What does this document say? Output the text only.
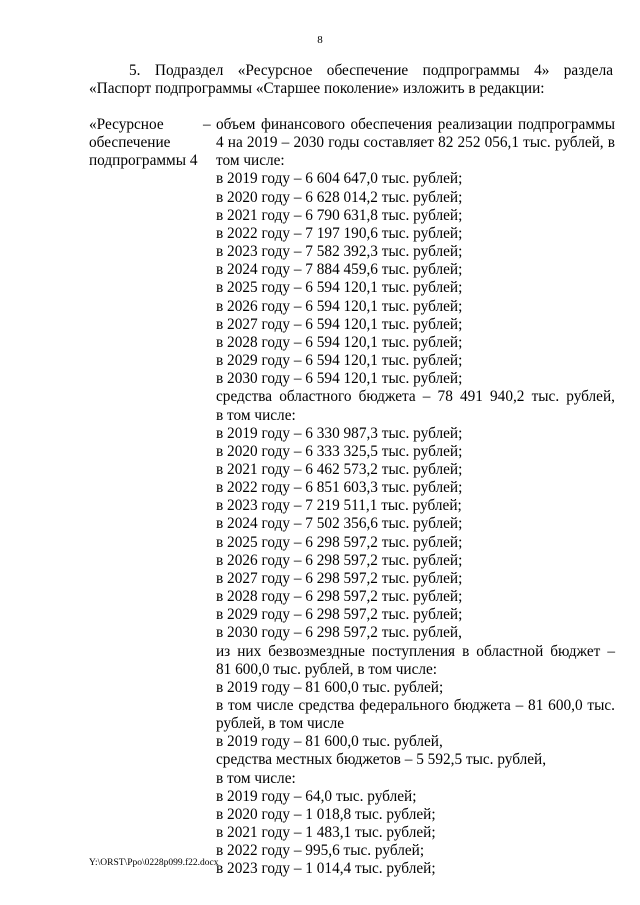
8

5. Подраздел «Ресурсное обеспечение подпрограммы 4» раздела «Паспорт подпрограммы «Старшее поколение» изложить в редакции:

«Ресурсное
обеспечение
подпрограммы 4
– объем финансового обеспечения реализации подпрограммы 4 на 2019 – 2030 годы составляет 82 252 056,1 тыс. рублей, в том числе:
в 2019 году – 6 604 647,0 тыс. рублей;
в 2020 году – 6 628 014,2 тыс. рублей;
в 2021 году – 6 790 631,8 тыс. рублей;
в 2022 году – 7 197 190,6 тыс. рублей;
в 2023 году – 7 582 392,3 тыс. рублей;
в 2024 году – 7 884 459,6 тыс. рублей;
в 2025 году – 6 594 120,1 тыс. рублей;
в 2026 году – 6 594 120,1 тыс. рублей;
в 2027 году – 6 594 120,1 тыс. рублей;
в 2028 году – 6 594 120,1 тыс. рублей;
в 2029 году – 6 594 120,1 тыс. рублей;
в 2030 году – 6 594 120,1 тыс. рублей;
средства областного бюджета – 78 491 940,2 тыс. рублей,
в том числе:
в 2019 году – 6 330 987,3 тыс. рублей;
в 2020 году – 6 333 325,5 тыс. рублей;
в 2021 году – 6 462 573,2 тыс. рублей;
в 2022 году – 6 851 603,3 тыс. рублей;
в 2023 году – 7 219 511,1 тыс. рублей;
в 2024 году – 7 502 356,6 тыс. рублей;
в 2025 году – 6 298 597,2 тыс. рублей;
в 2026 году – 6 298 597,2 тыс. рублей;
в 2027 году – 6 298 597,2 тыс. рублей;
в 2028 году – 6 298 597,2 тыс. рублей;
в 2029 году – 6 298 597,2 тыс. рублей;
в 2030 году – 6 298 597,2 тыс. рублей,
из них безвозмездные поступления в областной бюджет –
81 600,0 тыс. рублей, в том числе:
в 2019 году – 81 600,0 тыс. рублей;
в том числе средства федерального бюджета – 81 600,0 тыс.
рублей, в том числе
в 2019 году – 81 600,0 тыс. рублей,
средства местных бюджетов – 5 592,5 тыс. рублей,
в том числе:
в 2019 году – 64,0 тыс. рублей;
в 2020 году – 1 018,8 тыс. рублей;
в 2021 году – 1 483,1 тыс. рублей;
в 2022 году – 995,6 тыс. рублей;
в 2023 году – 1 014,4 тыс. рублей;
Y:\ORST\Ppo\0228p099.f22.docx
